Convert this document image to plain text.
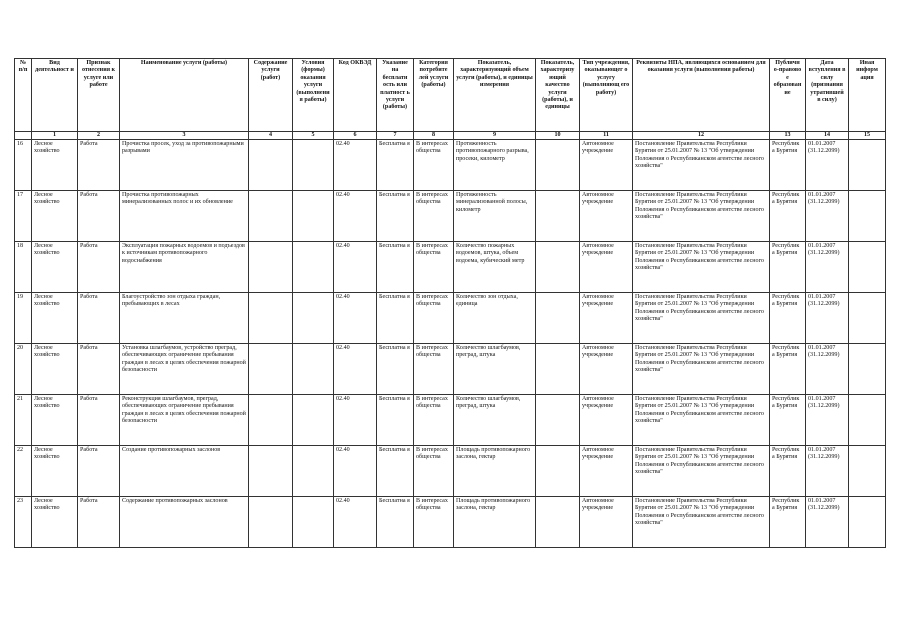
№ п/п	Вид деятельност и	Признак отнесения к услуге или работе	Наименование услуги (работы)	Содержание услуги (работ)	Условия (формы) оказания услуги (выполнения работы)	Код ОКВЭД	Указание на бесплатн ость или платност ь услуги (работы)	Категория потребите лей услуги (работы)	Показатель, характеризующий объем услуги (работы), и единицы измерения	Показатель, характеризу ющий качество услуги (работы), и единицы	Тип учреждения, оказывающег о услугу (выполняющ его работу)	Реквизиты НПА, являющихся основанием для оказания услуги (выполнения работы)	Публичн о-правово е образован ие	Дата вступления в силу (признания утратившей в силу)	Иная информ ация
	1	2	3	4	5	6	7	8	9	10	11	12	13	14	15
16	Лесное хозяйство	Работа	Прочистка просек, уход за противопожарными разрывами			02.40	Бесплатна я	В интересах общества	Протяженность противопожарного разрыва, просеки, километр		Автономное учреждение	Постановление Правительства Республики Бурятия от 25.01.2007 № 13 "Об утверждении Положения о Республиканском агентстве лесного хозяйства"	Республик а Бурятия	01.01.2007 (31.12.2099)	
17	Лесное хозяйство	Работа	Прочистка противопожарных минерализованных полос и их обновление			02.40	Бесплатна я	В интересах общества	Протяженность минерализованной полосы, километр		Автономное учреждение	Постановление Правительства Республики Бурятия от 25.01.2007 № 13 "Об утверждении Положения о Республиканском агентстве лесного хозяйства"	Республик а Бурятия	01.01.2007 (31.12.2099)	
18	Лесное хозяйство	Работа	Эксплуатация пожарных водоемов и подъездов к источникам противопожарного водоснабжения			02.40	Бесплатна я	В интересах общества	Количество пожарных водоемов, штука, объем водоема, кубический метр		Автономное учреждение	Постановление Правительства Республики Бурятия от 25.01.2007 № 13 "Об утверждении Положения о Республиканском агентстве лесного хозяйства"	Республик а Бурятия	01.01.2007 (31.12.2099)	
19	Лесное хозяйство	Работа	Благоустройство зон отдыха граждан, пребывающих в лесах			02.40	Бесплатна я	В интересах общества	Количество зон отдыха, единица		Автономное учреждение	Постановление Правительства Республики Бурятия от 25.01.2007 № 13 "Об утверждении Положения о Республиканском агентстве лесного хозяйства"	Республик а Бурятия	01.01.2007 (31.12.2099)	
20	Лесное хозяйство	Работа	Установка шлагбаумов, устройство преград, обеспечивающих ограничение пребывания граждан в лесах в целях обеспечения пожарной безопасности			02.40	Бесплатна я	В интересах общества	Количество шлагбаумов, преград, штука		Автономное учреждение	Постановление Правительства Республики Бурятия от 25.01.2007 № 13 "Об утверждении Положения о Республиканском агентстве лесного хозяйства"	Республик а Бурятия	01.01.2007 (31.12.2099)	
21	Лесное хозяйство	Работа	Реконструкция шлагбаумов, преград, обеспечивающих ограничение пребывания граждан в лесах в целях обеспечения пожарной безопасности			02.40	Бесплатна я	В интересах общества	Количество шлагбаумов, преград, штука		Автономное учреждение	Постановление Правительства Республики Бурятия от 25.01.2007 № 13 "Об утверждении Положения о Республиканском агентстве лесного хозяйства"	Республик а Бурятия	01.01.2007 (31.12.2099)	
22	Лесное хозяйство	Работа	Создание противопожарных заслонов			02.40	Бесплатна я	В интересах общества	Площадь противопожарного заслона, гектар		Автономное учреждение	Постановление Правительства Республики Бурятия от 25.01.2007 № 13 "Об утверждении Положения о Республиканском агентстве лесного хозяйства"	Республик а Бурятия	01.01.2007 (31.12.2099)	
23	Лесное хозяйство	Работа	Содержание противопожарных заслонов			02.40	Бесплатна я	В интересах общества	Площадь противопожарного заслона, гектар		Автономное учреждение	Постановление Правительства Республики Бурятия от 25.01.2007 № 13 "Об утверждении Положения о Республиканском агентстве лесного хозяйства"	Республик а Бурятия	01.01.2007 (31.12.2099)	
